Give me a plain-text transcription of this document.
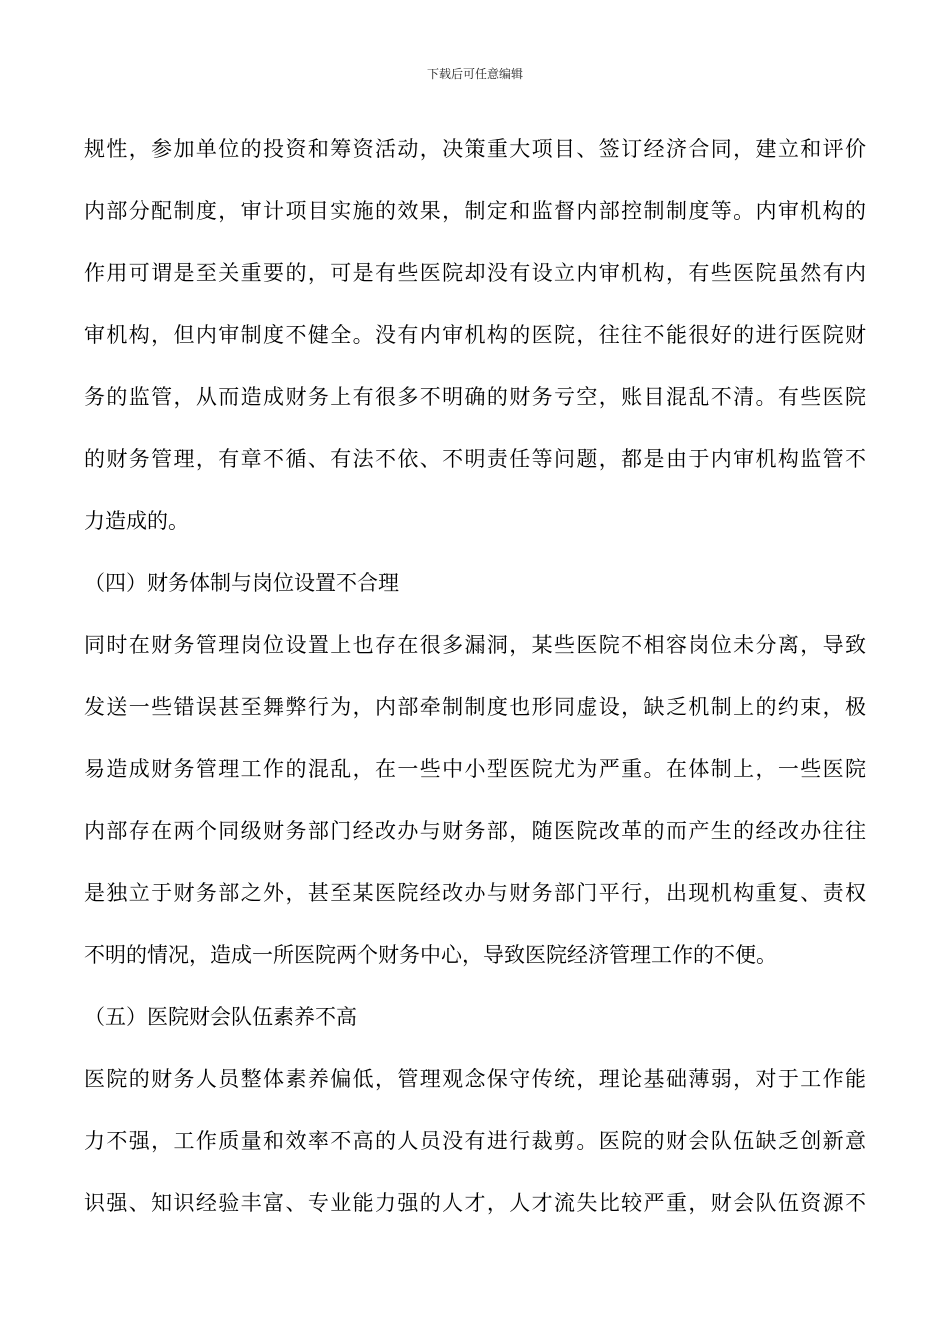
下载后可任意编辑
规性，参加单位的投资和筹资活动，决策重大项目、签订经济合同，建立和评价
内部分配制度，审计项目实施的效果，制定和监督内部控制制度等。内审机构的
作用可谓是至关重要的，可是有些医院却没有设立内审机构，有些医院虽然有内
审机构，但内审制度不健全。没有内审机构的医院，往往不能很好的进行医院财
务的监管，从而造成财务上有很多不明确的财务亏空，账目混乱不清。有些医院
的财务管理，有章不循、有法不依、不明责任等问题，都是由于内审机构监管不
力造成的。
（四）财务体制与岗位设置不合理
同时在财务管理岗位设置上也存在很多漏洞，某些医院不相容岗位未分离，导致
发送一些错误甚至舞弊行为，内部牵制制度也形同虚设，缺乏机制上的约束，极
易造成财务管理工作的混乱，在一些中小型医院尤为严重。在体制上，一些医院
内部存在两个同级财务部门经改办与财务部，随医院改革的而产生的经改办往往
是独立于财务部之外，甚至某医院经改办与财务部门平行，出现机构重复、责权
不明的情况，造成一所医院两个财务中心，导致医院经济管理工作的不便。
（五）医院财会队伍素养不高
医院的财务人员整体素养偏低，管理观念保守传统，理论基础薄弱，对于工作能
力不强，工作质量和效率不高的人员没有进行裁剪。医院的财会队伍缺乏创新意
识强、知识经验丰富、专业能力强的人才，人才流失比较严重，财会队伍资源不
